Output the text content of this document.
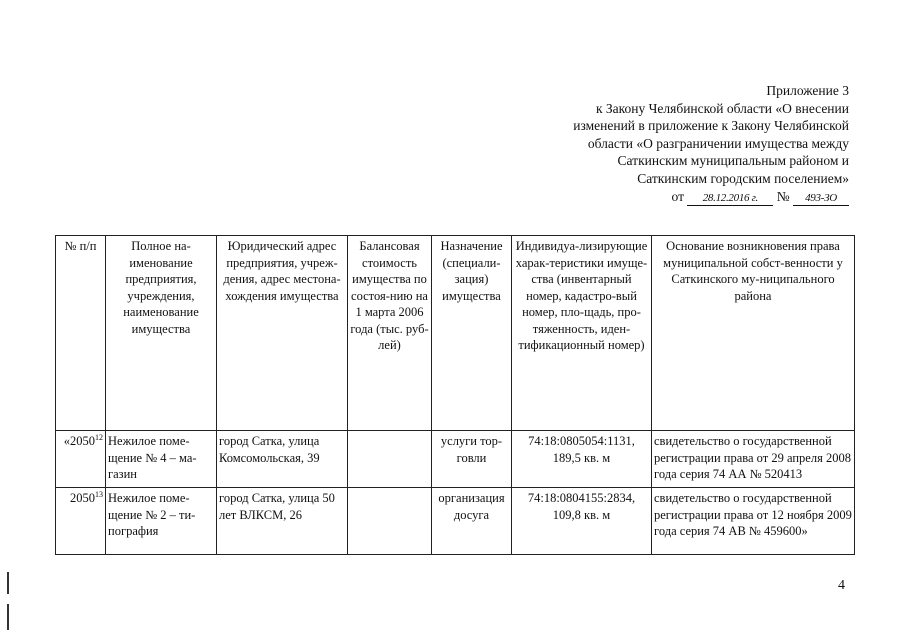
Приложение 3
к Закону Челябинской области «О внесении
изменений в приложение к Закону Челябинской
области «О разграничении имущества между
Саткинским муниципальным районом и
Саткинским городским поселением»
от 28.12.2016 г. № 493-ЗО
№ п/п	Полное на-именование предприятия, учреждения, наименование имущества	Юридический адрес предприятия, учреж-дения, адрес местона-хождения имущества	Балансовая стоимость имущества по состоя-нию на 1 марта 2006 года (тыс. руб-лей)	Назначение (специали-зация) имущества	Индивидуа-лизирующие харак-теристики имуще-ства (инвентарный номер, кадастро-вый номер, пло-щадь, про-тяженность, иден-тификационный номер)	Основание возникновения права муниципальной собст-венности у Саткинского му-ниципального района
«2050$^{12}$	Нежилое поме-щение № 4 – ма-газин	город Сатка, улица Комсомольская, 39		услуги тор-говли	74:18:0805054:1131, 189,5 кв. м	свидетельство о государственной регистрации права от 29 апреля 2008 года серия 74 АА № 520413
2050$^{13}$	Нежилое поме-щение № 2 – ти-пография	город Сатка, улица 50 лет ВЛКСМ, 26		организация досуга	74:18:0804155:2834, 109,8 кв. м	свидетельство о государственной регистрации права от 12 ноября 2009 года серия 74 АВ № 459600»
4
